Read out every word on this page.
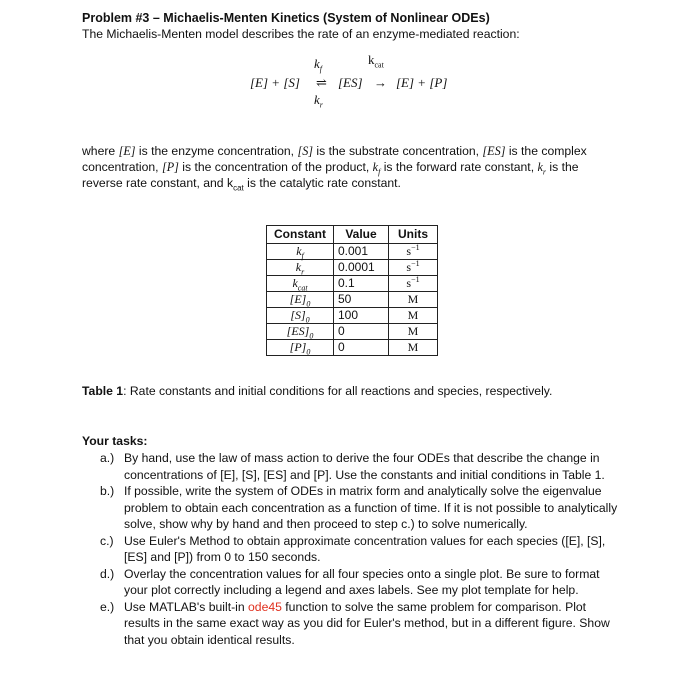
Problem #3 – Michaelis-Menten Kinetics (System of Nonlinear ODEs)
The Michaelis-Menten model describes the rate of an enzyme-mediated reaction:
$k_f$
$k_{cat}$
[E] + [S] ⇌ [ES] → [E] + [P]
$k_r$
where [E] is the enzyme concentration, [S] is the substrate concentration, [ES] is the complex concentration, [P] is the concentration of the product, $k_f$ is the forward rate constant, $k_r$ is the reverse rate constant, and $k_{cat}$ is the catalytic rate constant.
Constant	Value	Units
$k_f$	0.001	$s^{-1}$
$k_r$	0.0001	$s^{-1}$
$k_{cat}$	0.1	$s^{-1}$
$[E]_0$	50	M
$[S]_0$	100	M
$[ES]_0$	0	M
$[P]_0$	0	M
Table 1: Rate constants and initial conditions for all reactions and species, respectively.
Your tasks:
a.) By hand, use the law of mass action to derive the four ODEs that describe the change in concentrations of [E], [S], [ES] and [P]. Use the constants and initial conditions in Table 1.
b.) If possible, write the system of ODEs in matrix form and analytically solve the eigenvalue problem to obtain each concentration as a function of time. If it is not possible to analytically solve, show why by hand and then proceed to step c.) to solve numerically.
c.) Use Euler's Method to obtain approximate concentration values for each species ([E], [S], [ES] and [P]) from 0 to 150 seconds.
d.) Overlay the concentration values for all four species onto a single plot. Be sure to format your plot correctly including a legend and axes labels. See my plot template for help.
e.) Use MATLAB's built-in ode45 function to solve the same problem for comparison. Plot results in the same exact way as you did for Euler's method, but in a different figure. Show that you obtain identical results.
